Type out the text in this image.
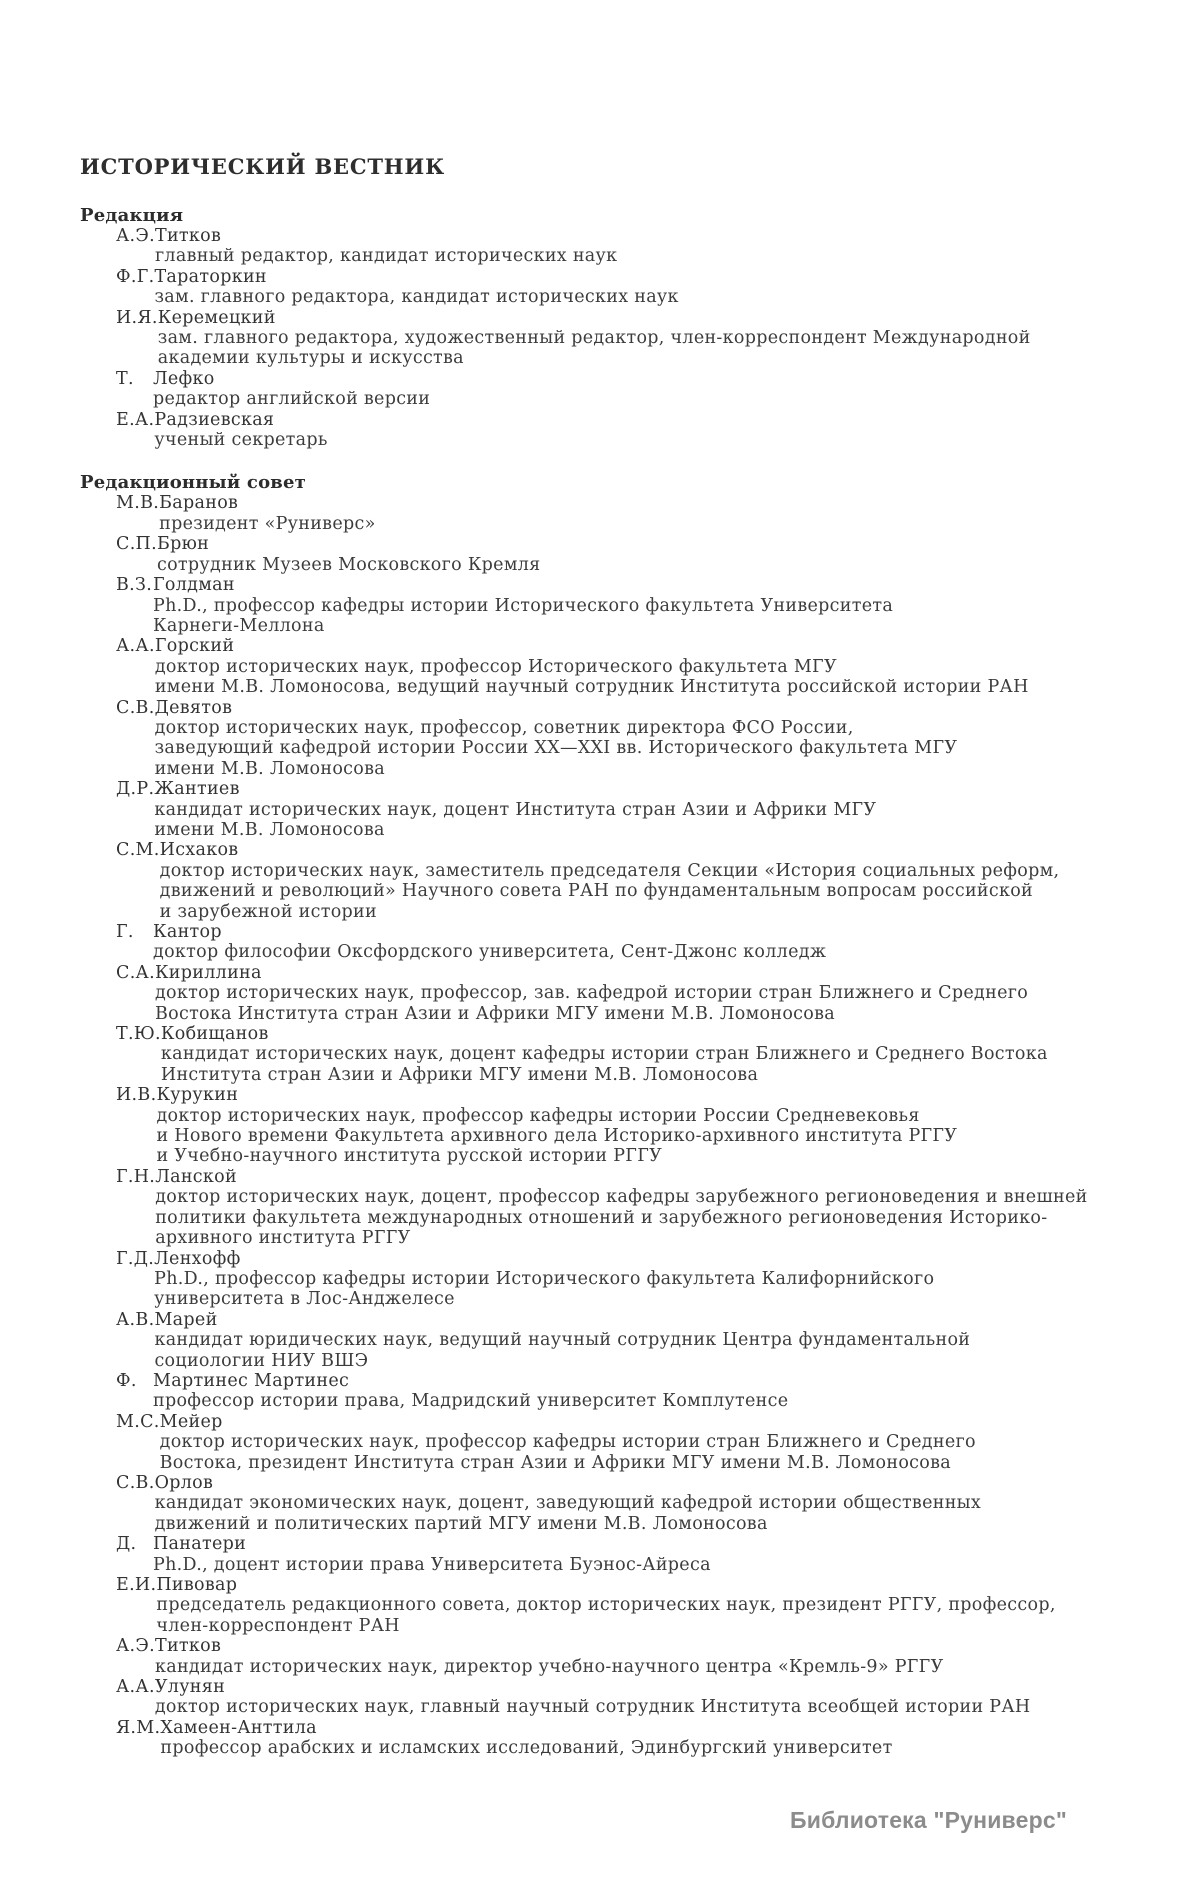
ИСТОРИЧЕСКИЙ ВЕСТНИК
Редакция
А.Э. Титков
главный редактор, кандидат исторических наук
Ф.Г. Тараторкин
зам. главного редактора, кандидат исторических наук
И.Я. Керемецкий
зам. главного редактора, художественный редактор, член-корреспондент Международной
академии культуры и искусства
Т.	Лефко
редактор английской версии
Е.А. Радзиевская
ученый секретарь
Редакционный совет
М.В. Баранов
президент «Руниверс»
С.П. Брюн
сотрудник Музеев Московского Кремля
В.З. Голдман
Ph.D., профессор кафедры истории Исторического факультета Университета
Карнеги-Меллона
А.А. Горский
доктор исторических наук, профессор Исторического факультета МГУ
имени М.В. Ломоносова, ведущий научный сотрудник Института российской истории РАН
С.В. Девятов
доктор исторических наук, профессор, советник директора ФСО России,
заведующий кафедрой истории России XX—XXI вв. Исторического факультета МГУ
имени М.В. Ломоносова
Д.Р. Жантиев
кандидат исторических наук, доцент Института стран Азии и Африки МГУ
имени М.В. Ломоносова
С.М. Исхаков
доктор исторических наук, заместитель председателя Секции «История социальных реформ,
движений и революций» Научного совета РАН по фундаментальным вопросам российской
и зарубежной истории
Г.	Кантор
доктор философии Оксфордского университета, Сент-Джонс колледж
С.А. Кириллина
доктор исторических наук, профессор, зав. кафедрой истории стран Ближнего и Среднего
Востока Института стран Азии и Африки МГУ имени М.В. Ломоносова
Т.Ю. Кобищанов
кандидат исторических наук, доцент кафедры истории стран Ближнего и Среднего Востока
Института стран Азии и Африки МГУ имени М.В. Ломоносова
И.В. Курукин
доктор исторических наук, профессор кафедры истории России Средневековья
и Нового времени Факультета архивного дела Историко-архивного института РГГУ
и Учебно-научного института русской истории РГГУ
Г.Н. Ланской
доктор исторических наук, доцент, профессор кафедры зарубежного регионоведения и внешней
политики факультета международных отношений и зарубежного регионоведения Историко-
архивного института РГГУ
Г.Д. Ленхофф
Ph.D., профессор кафедры истории Исторического факультета Калифорнийского
университета в Лос-Анджелесе
А.В. Марей
кандидат юридических наук, ведущий научный сотрудник Центра фундаментальной
социологии НИУ ВШЭ
Ф. Мартинес Мартинес
профессор истории права, Мадридский университет Комплутенсе
М.С. Мейер
доктор исторических наук, профессор кафедры истории стран Ближнего и Среднего
Востока, президент Института стран Азии и Африки МГУ имени М.В. Ломоносова
С.В. Орлов
кандидат экономических наук, доцент, заведующий кафедрой истории общественных
движений и политических партий МГУ имени М.В. Ломоносова
Д. Панатери
Ph.D., доцент истории права Университета Буэнос-Айреса
Е.И. Пивовар
председатель редакционного совета, доктор исторических наук, президент РГГУ, профессор,
член-корреспондент РАН
А.Э. Титков
кандидат исторических наук, директор учебно-научного центра «Кремль-9» РГГУ
А.А. Улунян
доктор исторических наук, главный научный сотрудник Института всеобщей истории РАН
Я.М. Хамеен-Анттила
профессор арабских и исламских исследований, Эдинбургский университет
Библиотека "Руниверс"
